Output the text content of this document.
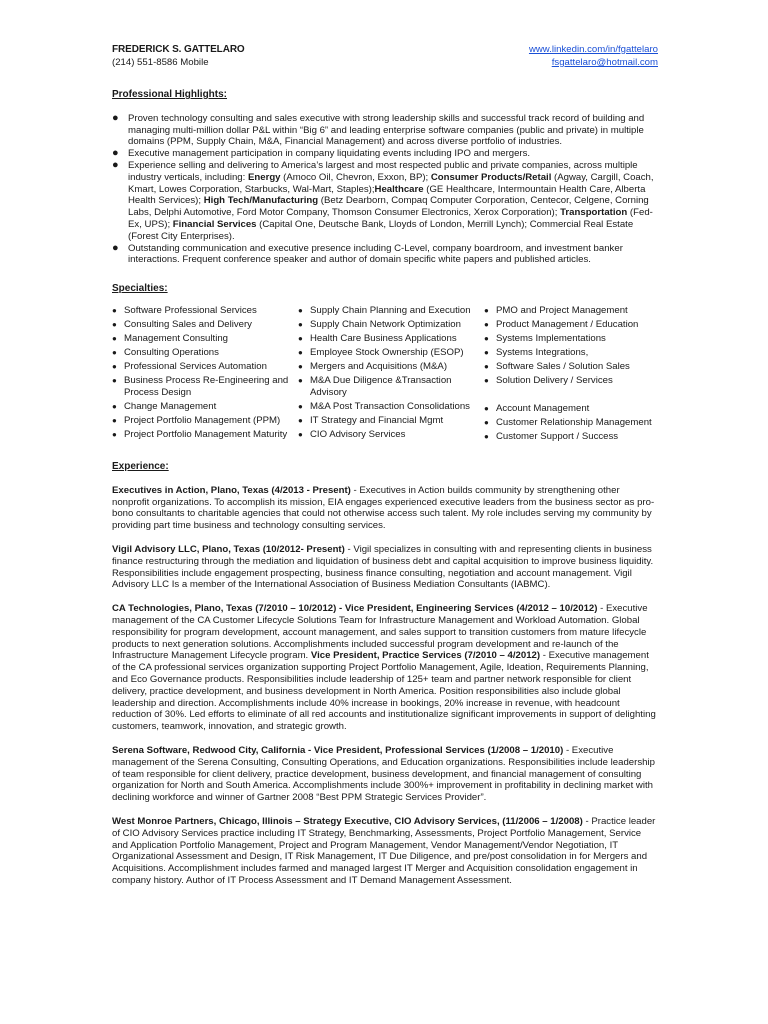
FREDERICK S. GATTELARO
(214) 551-8586 Mobile
www.linkedin.com/in/fgattelaro
fsgattelaro@hotmail.com
Professional Highlights:
● Proven technology consulting and sales executive with strong leadership skills and successful track record of building and managing multi-million dollar P&L within “Big 6” and leading enterprise software companies (public and private) in multiple domains (PPM, Supply Chain, M&A, Financial Management) and across diverse portfolio of industries.
● Executive management participation in company liquidating events including IPO and mergers.
● Experience selling and delivering to America’s largest and most respected public and private companies, across multiple industry verticals, including: Energy (Amoco Oil, Chevron, Exxon, BP); Consumer Products/Retail (Agway, Cargill, Coach, Kmart, Lowes Corporation, Starbucks, Wal-Mart, Staples);Healthcare (GE Healthcare, Intermountain Health Care, Alberta Health Services); High Tech/Manufacturing (Betz Dearborn, Compaq Computer Corporation, Centecor, Celgene, Corning Labs, Delphi Automotive, Ford Motor Company, Thomson Consumer Electronics, Xerox Corporation); Transportation (Fed-Ex, UPS); Financial Services (Capital One, Deutsche Bank, Lloyds of London, Merrill Lynch); Commercial Real Estate (Forest City Enterprises).
● Outstanding communication and executive presence including C-Level, company boardroom, and investment banker interactions. Frequent conference speaker and author of domain specific white papers and published articles.
Specialties:
● Software Professional Services
● Consulting Sales and Delivery
● Management Consulting
● Consulting Operations
● Professional Services Automation
● Business Process Re-Engineering and Process Design
● Change Management
● Project Portfolio Management (PPM)
● Project Portfolio Management Maturity
● Supply Chain Planning and Execution
● Supply Chain Network Optimization
● Health Care Business Applications
● Employee Stock Ownership (ESOP)
● Mergers and Acquisitions (M&A)
● M&A Due Diligence &Transaction Advisory
● M&A Post Transaction Consolidations
● IT Strategy and Financial Mgmt
● CIO Advisory Services
● PMO and Project Management
● Product Management / Education
● Systems Implementations
● Systems Integrations,
● Software Sales / Solution Sales
● Solution Delivery / Services
● Account Management
● Customer Relationship Management
● Customer Support / Success
Experience:

Executives in Action, Plano, Texas (4/2013 - Present) - Executives in Action builds community by strengthening other nonprofit organizations. To accomplish its mission, EIA engages experienced executive leaders from the business sector as pro-bono consultants to charitable agencies that could not otherwise access such talent. My role includes serving my community by providing part time business and technology consulting services.

Vigil Advisory LLC, Plano, Texas (10/2012- Present) - Vigil specializes in consulting with and representing clients in business finance restructuring through the mediation and liquidation of business debt and capital acquisition to improve business liquidity. Responsibilities include engagement prospecting, business finance consulting, negotiation and account management. Vigil Advisory LLC Is a member of the International Association of Business Mediation Consultants (IABMC).

CA Technologies, Plano, Texas (7/2010 – 10/2012) - Vice President, Engineering Services (4/2012 – 10/2012) - Executive management of the CA Customer Lifecycle Solutions Team for Infrastructure Management and Workload Automation. Global responsibility for program development, account management, and sales support to transition customers from mature lifecycle products to next generation solutions. Accomplishments included successful program development and re-launch of the Infrastructure Management Lifecycle program. Vice President, Practice Services (7/2010 – 4/2012) - Executive management of the CA professional services organization supporting Project Portfolio Management, Agile, Ideation, Requirements Planning, and Eco Governance products. Responsibilities include leadership of 125+ team and partner network responsible for client delivery, practice development, and business development in North America. Position responsibilities also include global leadership and direction. Accomplishments include 40% increase in bookings, 20% increase in revenue, with headcount reduction of 30%. Led efforts to eliminate of all red accounts and institutionalize significant improvements in support of delighting customers, teamwork, innovation, and strategic growth.

Serena Software, Redwood City, California - Vice President, Professional Services (1/2008 – 1/2010) - Executive management of the Serena Consulting, Consulting Operations, and Education organizations. Responsibilities include leadership of team responsible for client delivery, practice development, business development, and financial management of consulting organization for North and South America. Accomplishments include 300%+ improvement in profitability in declining market with declining workforce and winner of Gartner 2008 “Best PPM Strategic Services Provider”.

West Monroe Partners, Chicago, Illinois – Strategy Executive, CIO Advisory Services, (11/2006 – 1/2008) - Practice leader of CIO Advisory Services practice including IT Strategy, Benchmarking, Assessments, Project Portfolio Management, Service and Application Portfolio Management, Project and Program Management, Vendor Management/Vendor Negotiation, IT Organizational Assessment and Design, IT Risk Management, IT Due Diligence, and pre/post consolidation in for Mergers and Acquisitions. Accomplishment includes farmed and managed largest IT Merger and Acquisition consolidation engagement in company history. Author of IT Process Assessment and IT Demand Management Assessment.
